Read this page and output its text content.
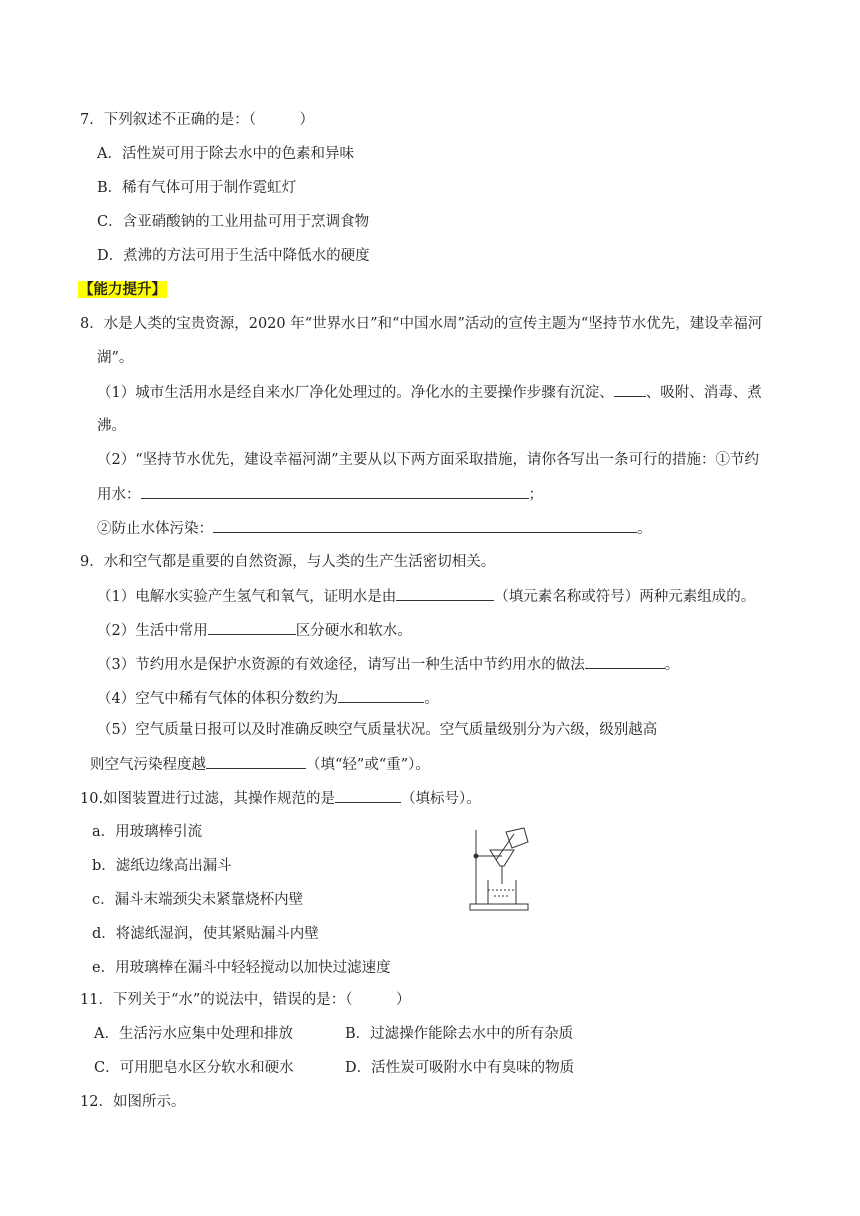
7．下列叙述不正确的是：（　　　）
A．活性炭可用于除去水中的色素和异味
B．稀有气体可用于制作霓虹灯
C．含亚硝酸钠的工业用盐可用于烹调食物
D．煮沸的方法可用于生活中降低水的硬度
【能力提升】
8．水是人类的宝贵资源，2020 年“世界水日”和“中国水周”活动的宣传主题为“坚持节水优先，建设幸福河
湖”。
（1）城市生活用水是经自来水厂净化处理过的。净化水的主要操作步骤有沉淀、 、吸附、消毒、煮
沸。
（2）“坚持节水优先，建设幸福河湖”主要从以下两方面采取措施，请你各写出一条可行的措施：①节约
用水：	；
②防止水体污染：	。
9．水和空气都是重要的自然资源，与人类的生产生活密切相关。
（1）电解水实验产生氢气和氧气，证明水是由	（填元素名称或符号）两种元素组成的。
（2）生活中常用	区分硬水和软水。
（3）节约用水是保护水资源的有效途径，请写出一种生活中节约用水的做法	。
（4）空气中稀有气体的体积分数约为	。
（5）空气质量日报可以及时准确反映空气质量状况。空气质量级别分为六级，级别越高
则空气污染程度越	（填“轻”或“重”）。
10.如图装置进行过滤，其操作规范的是	（填标号）。
a．用玻璃棒引流
b．滤纸边缘高出漏斗
c．漏斗末端颈尖未紧靠烧杯内壁
d．将滤纸湿润，使其紧贴漏斗内壁
e．用玻璃棒在漏斗中轻轻搅动以加快过滤速度
11．下列关于“水”的说法中，错误的是：（　　　）
A．生活污水应集中处理和排放	B．过滤操作能除去水中的所有杂质
C．可用肥皂水区分软水和硬水	D．活性炭可吸附水中有臭味的物质
12．如图所示。
